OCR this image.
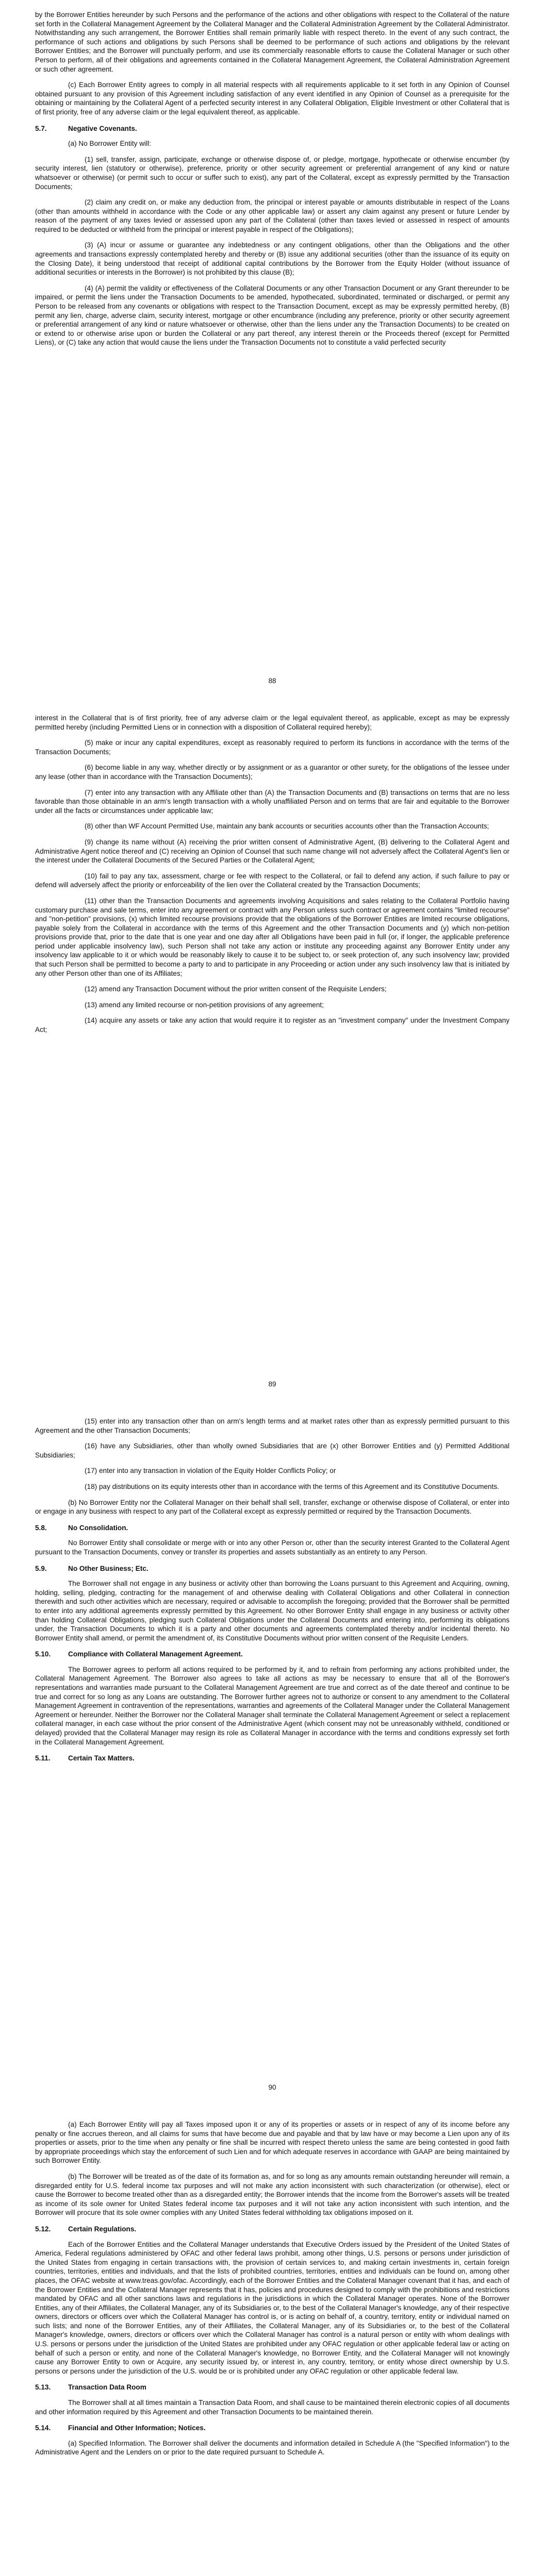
by the Borrower Entities hereunder by such Persons and the performance of the actions and other obligations with respect to the Collateral of the nature set forth in the Collateral Management Agreement by the Collateral Manager and the Collateral Administration Agreement by the Collateral Administrator. Notwithstanding any such arrangement, the Borrower Entities shall remain primarily liable with respect thereto. In the event of any such contract, the performance of such actions and obligations by such Persons shall be deemed to be performance of such actions and obligations by the relevant Borrower Entities; and the Borrower will punctually perform, and use its commercially reasonable efforts to cause the Collateral Manager or such other Person to perform, all of their obligations and agreements contained in the Collateral Management Agreement, the Collateral Administration Agreement or such other agreement.

(c) Each Borrower Entity agrees to comply in all material respects with all requirements applicable to it set forth in any Opinion of Counsel obtained pursuant to any provision of this Agreement including satisfaction of any event identified in any Opinion of Counsel as a prerequisite for the obtaining or maintaining by the Collateral Agent of a perfected security interest in any Collateral Obligation, Eligible Investment or other Collateral that is of first priority, free of any adverse claim or the legal equivalent thereof, as applicable.

5.7.	Negative Covenants.

(a) No Borrower Entity will:

(1) sell, transfer, assign, participate, exchange or otherwise dispose of, or pledge, mortgage, hypothecate or otherwise encumber (by security interest, lien (statutory or otherwise), preference, priority or other security agreement or preferential arrangement of any kind or nature whatsoever or otherwise) (or permit such to occur or suffer such to exist), any part of the Collateral, except as expressly permitted by the Transaction Documents;

(2) claim any credit on, or make any deduction from, the principal or interest payable or amounts distributable in respect of the Loans (other than amounts withheld in accordance with the Code or any other applicable law) or assert any claim against any present or future Lender by reason of the payment of any taxes levied or assessed upon any part of the Collateral (other than taxes levied or assessed in respect of amounts required to be deducted or withheld from the principal or interest payable in respect of the Obligations);

(3) (A) incur or assume or guarantee any indebtedness or any contingent obligations, other than the Obligations and the other agreements and transactions expressly contemplated hereby and thereby or (B) issue any additional securities (other than the issuance of its equity on the Closing Date), it being understood that receipt of additional capital contributions by the Borrower from the Equity Holder (without issuance of additional securities or interests in the Borrower) is not prohibited by this clause (B);

(4) (A) permit the validity or effectiveness of the Collateral Documents or any other Transaction Document or any Grant thereunder to be impaired, or permit the liens under the Transaction Documents to be amended, hypothecated, subordinated, terminated or discharged, or permit any Person to be released from any covenants or obligations with respect to the Transaction Document, except as may be expressly permitted hereby, (B) permit any lien, charge, adverse claim, security interest, mortgage or other encumbrance (including any preference, priority or other security agreement or preferential arrangement of any kind or nature whatsoever or otherwise, other than the liens under any the Transaction Documents) to be created on or extend to or otherwise arise upon or burden the Collateral or any part thereof, any interest therein or the Proceeds thereof (except for Permitted Liens), or (C) take any action that would cause the liens under the Transaction Documents not to constitute a valid perfected security

88

interest in the Collateral that is of first priority, free of any adverse claim or the legal equivalent thereof, as applicable, except as may be expressly permitted hereby (including Permitted Liens or in connection with a disposition of Collateral required hereby);

(5) make or incur any capital expenditures, except as reasonably required to perform its functions in accordance with the terms of the Transaction Documents;

(6) become liable in any way, whether directly or by assignment or as a guarantor or other surety, for the obligations of the lessee under any lease (other than in accordance with the Transaction Documents);

(7) enter into any transaction with any Affiliate other than (A) the Transaction Documents and (B) transactions on terms that are no less favorable than those obtainable in an arm's length transaction with a wholly unaffiliated Person and on terms that are fair and equitable to the Borrower under all the facts or circumstances under applicable law;

(8) other than WF Account Permitted Use, maintain any bank accounts or securities accounts other than the Transaction Accounts;

(9) change its name without (A) receiving the prior written consent of Administrative Agent, (B) delivering to the Collateral Agent and Administrative Agent notice thereof and (C) receiving an Opinion of Counsel that such name change will not adversely affect the Collateral Agent's lien or the interest under the Collateral Documents of the Secured Parties or the Collateral Agent;

(10) fail to pay any tax, assessment, charge or fee with respect to the Collateral, or fail to defend any action, if such failure to pay or defend will adversely affect the priority or enforceability of the lien over the Collateral created by the Transaction Documents;

(11) other than the Transaction Documents and agreements involving Acquisitions and sales relating to the Collateral Portfolio having customary purchase and sale terms, enter into any agreement or contract with any Person unless such contract or agreement contains "limited recourse" and "non-petition" provisions, (x) which limited recourse provisions provide that the obligations of the Borrower Entities are limited recourse obligations, payable solely from the Collateral in accordance with the terms of this Agreement and the other Transaction Documents and (y) which non-petition provisions provide that, prior to the date that is one year and one day after all Obligations have been paid in full (or, if longer, the applicable preference period under applicable insolvency law), such Person shall not take any action or institute any proceeding against any Borrower Entity under any insolvency law applicable to it or which would be reasonably likely to cause it to be subject to, or seek protection of, any such insolvency law; provided that such Person shall be permitted to become a party to and to participate in any Proceeding or action under any such insolvency law that is initiated by any other Person other than one of its Affiliates;

(12) amend any Transaction Document without the prior written consent of the Requisite Lenders;

(13) amend any limited recourse or non-petition provisions of any agreement;

(14) acquire any assets or take any action that would require it to register as an "investment company" under the Investment Company Act;

89

(15) enter into any transaction other than on arm's length terms and at market rates other than as expressly permitted pursuant to this Agreement and the other Transaction Documents;

(16) have any Subsidiaries, other than wholly owned Subsidiaries that are (x) other Borrower Entities and (y) Permitted Additional Subsidiaries;

(17) enter into any transaction in violation of the Equity Holder Conflicts Policy; or

(18) pay distributions on its equity interests other than in accordance with the terms of this Agreement and its Constitutive Documents.

(b) No Borrower Entity nor the Collateral Manager on their behalf shall sell, transfer, exchange or otherwise dispose of Collateral, or enter into or engage in any business with respect to any part of the Collateral except as expressly permitted or required by the Transaction Documents.

5.8.	No Consolidation.

No Borrower Entity shall consolidate or merge with or into any other Person or, other than the security interest Granted to the Collateral Agent pursuant to the Transaction Documents, convey or transfer its properties and assets substantially as an entirety to any Person.

5.9.	No Other Business; Etc.

The Borrower shall not engage in any business or activity other than borrowing the Loans pursuant to this Agreement and Acquiring, owning, holding, selling, pledging, contracting for the management of and otherwise dealing with Collateral Obligations and other Collateral in connection therewith and such other activities which are necessary, required or advisable to accomplish the foregoing; provided that the Borrower shall be permitted to enter into any additional agreements expressly permitted by this Agreement. No other Borrower Entity shall engage in any business or activity other than holding Collateral Obligations, pledging such Collateral Obligations under the Collateral Documents and entering into, performing its obligations under, the Transaction Documents to which it is a party and other documents and agreements contemplated thereby and/or incidental thereto. No Borrower Entity shall amend, or permit the amendment of, its Constitutive Documents without prior written consent of the Requisite Lenders.

5.10. Compliance with Collateral Management Agreement.

The Borrower agrees to perform all actions required to be performed by it, and to refrain from performing any actions prohibited under, the Collateral Management Agreement. The Borrower also agrees to take all actions as may be necessary to ensure that all of the Borrower's representations and warranties made pursuant to the Collateral Management Agreement are true and correct as of the date thereof and continue to be true and correct for so long as any Loans are outstanding. The Borrower further agrees not to authorize or consent to any amendment to the Collateral Management Agreement in contravention of the representations, warranties and agreements of the Collateral Manager under the Collateral Management Agreement or hereunder. Neither the Borrower nor the Collateral Manager shall terminate the Collateral Management Agreement or select a replacement collateral manager, in each case without the prior consent of the Administrative Agent (which consent may not be unreasonably withheld, conditioned or delayed) provided that the Collateral Manager may resign its role as Collateral Manager in accordance with the terms and conditions expressly set forth in the Collateral Management Agreement.

5.11.	Certain Tax Matters.
90

(a) Each Borrower Entity will pay all Taxes imposed upon it or any of its properties or assets or in respect of any of its income before any penalty or fine accrues thereon, and all claims for sums that have become due and payable and that by law have or may become a Lien upon any of its properties or assets, prior to the time when any penalty or fine shall be incurred with respect thereto unless the same are being contested in good faith by appropriate proceedings which stay the enforcement of such Lien and for which adequate reserves in accordance with GAAP are being maintained by such Borrower Entity.

(b) The Borrower will be treated as of the date of its formation as, and for so long as any amounts remain outstanding hereunder will remain, a disregarded entity for U.S. federal income tax purposes and will not make any action inconsistent with such characterization (or otherwise), elect or cause the Borrower to become treated other than as a disregarded entity; the Borrower intends that the income from the Borrower's assets will be treated as income of its sole owner for United States federal income tax purposes and it will not take any action inconsistent with such intention, and the Borrower will procure that its sole owner complies with any United States federal withholding tax obligations imposed on it.

5.12. Certain Regulations.

Each of the Borrower Entities and the Collateral Manager understands that Executive Orders issued by the President of the United States of America, Federal regulations administered by OFAC and other federal laws prohibit, among other things, U.S. persons or persons under jurisdiction of the United States from engaging in certain transactions with, the provision of certain services to, and making certain investments in, certain foreign countries, territories, entities and individuals, and that the lists of prohibited countries, territories, entities and individuals can be found on, among other places, the OFAC website at www.treas.gov/ofac. Accordingly, each of the Borrower Entities and the Collateral Manager covenant that it has, and each of the Borrower Entities and the Collateral Manager represents that it has, policies and procedures designed to comply with the prohibitions and restrictions mandated by OFAC and all other sanctions laws and regulations in the jurisdictions in which the Collateral Manager operates. None of the Borrower Entities, any of their Affiliates, the Collateral Manager, any of its Subsidiaries or, to the best of the Collateral Manager's knowledge, any of their respective owners, directors or officers over which the Collateral Manager has control is, or is acting on behalf of, a country, territory, entity or individual named on such lists; and none of the Borrower Entities, any of their Affiliates, the Collateral Manager, any of its Subsidiaries or, to the best of the Collateral Manager's knowledge, owners, directors or officers over which the Collateral Manager has control is a natural person or entity with whom dealings with U.S. persons or persons under the jurisdiction of the United States are prohibited under any OFAC regulation or other applicable federal law or acting on behalf of such a person or entity, and none of the Collateral Manager's knowledge, no Borrower Entity, and the Collateral Manager will not knowingly cause any Borrower Entity to own or Acquire, any security issued by, or interest in, any country, territory, or entity whose direct ownership by U.S. persons or persons under the jurisdiction of the U.S. would be or is prohibited under any OFAC regulation or other applicable federal law.

5.13. Transaction Data Room

The Borrower shall at all times maintain a Transaction Data Room, and shall cause to be maintained therein electronic copies of all documents and other information required by this Agreement and other Transaction Documents to be maintained therein.

5.14. Financial and Other Information; Notices.

(a) Specified Information. The Borrower shall deliver the documents and information detailed in Schedule A (the "Specified Information") to the Administrative Agent and the Lenders on or prior to the date required pursuant to Schedule A.
